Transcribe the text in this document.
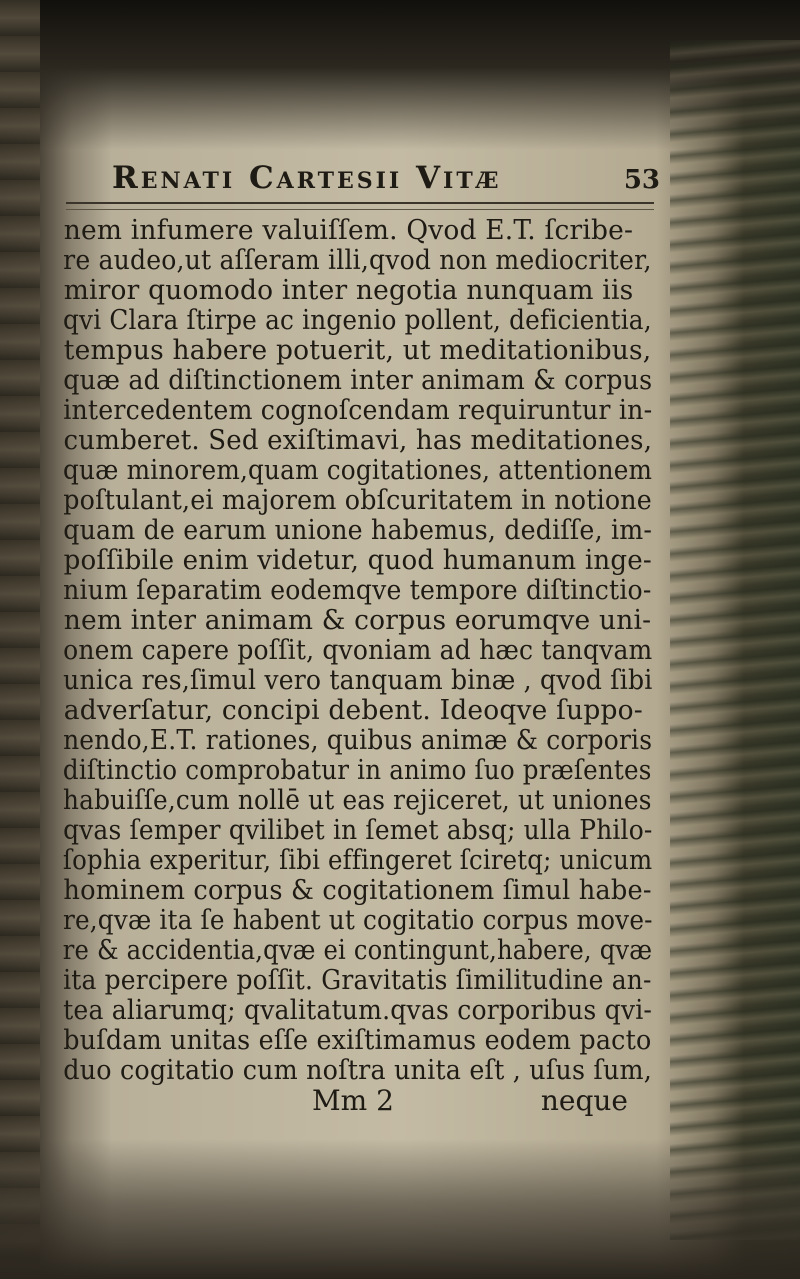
Renati Cartesii Vitæ	53
nem infumere valuiſſem. Qvod E.T. ſcribe-
re audeo,ut aſſeram illi,qvod non mediocriter,
miror quomodo inter negotia nunquam iis
qvi Clara ſtirpe ac ingenio pollent, deficientia,
tempus habere potuerit, ut meditationibus,
quæ ad diſtinctionem inter animam & corpus
intercedentem cognoſcendam requiruntur in-
cumberet. Sed exiſtimavi, has meditationes,
quæ minorem,quam cogitationes, attentionem
poſtulant,ei majorem obſcuritatem in notione
quam de earum unione habemus, dediſſe, im-
poſſibile enim videtur, quod humanum inge-
nium ſeparatim eodemqve tempore diſtinctio-
nem inter animam & corpus eorumqve uni-
onem capere poſſit, qvoniam ad hæc tanqvam
unica res,ſimul vero tanquam binæ , qvod ſibi
adverſatur, concipi debent. Ideoqve ſuppo-
nendo,E.T. rationes, quibus animæ & corporis
diſtinctio comprobatur in animo ſuo præſentes
habuiſſe,cum nollē ut eas rejiceret, ut uniones
qvas ſemper qvilibet in ſemet absq; ulla Philo-
ſophia experitur, ſibi effingeret ſciretq; unicum
hominem corpus & cogitationem ſimul habe-
re,qvæ ita ſe habent ut cogitatio corpus move-
re & accidentia,qvæ ei contingunt,habere, qvæ
ita percipere poſſit. Gravitatis ſimilitudine an-
tea aliarumq; qvalitatum.qvas corporibus qvi-
buſdam unitas eſſe exiſtimamus eodem pacto
duo cogitatio cum noſtra unita eſt , uſus ſum,
Mm 2	neque
